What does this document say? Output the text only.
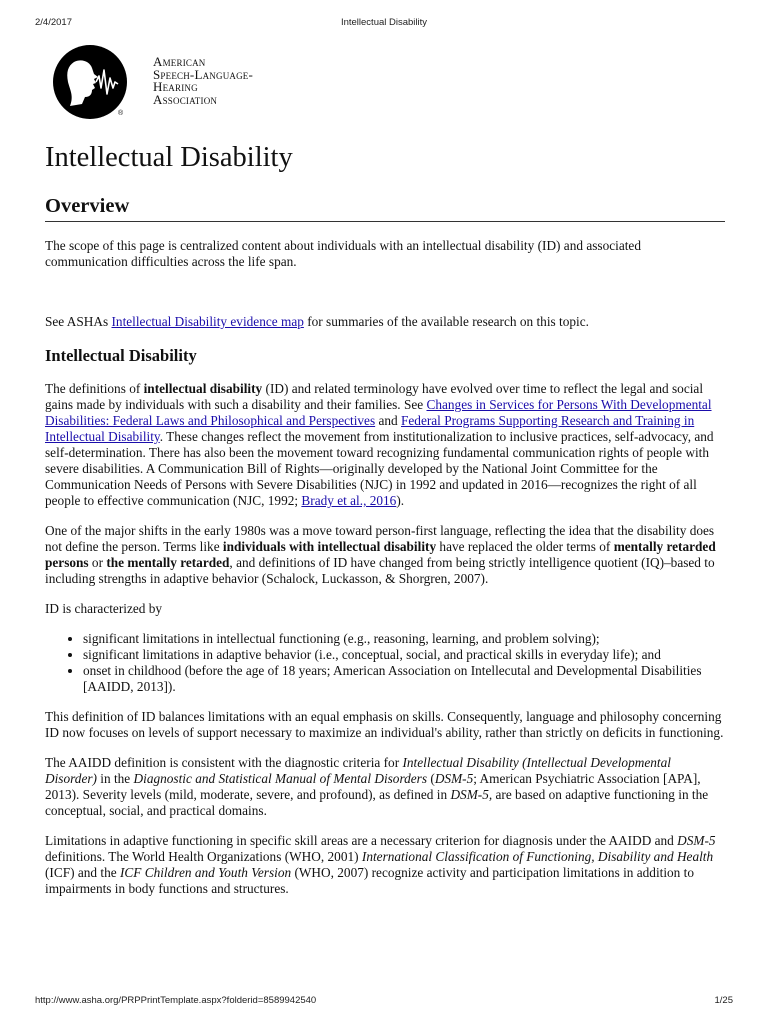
2/4/2017	Intellectual Disability
®
American
Speech-Language-
Hearing
Association
Intellectual Disability
Overview

The scope of this page is centralized content about individuals with an intellectual disability (ID) and associated communication difficulties across the life span.

See ASHAs Intellectual Disability evidence map for summaries of the available research on this topic.

Intellectual Disability

The definitions of intellectual disability (ID) and related terminology have evolved over time to reflect the legal and social gains made by individuals with such a disability and their families. See Changes in Services for Persons With Developmental Disabilities: Federal Laws and Philosophical and Perspectives and Federal Programs Supporting Research and Training in Intellectual Disability. These changes reflect the movement from institutionalization to inclusive practices, self-advocacy, and self-determination. There has also been the movement toward recognizing fundamental communication rights of people with severe disabilities. A Communication Bill of Rights—originally developed by the National Joint Committee for the Communication Needs of Persons with Severe Disabilities (NJC) in 1992 and updated in 2016—recognizes the right of all people to effective communication (NJC, 1992; Brady et al., 2016).

One of the major shifts in the early 1980s was a move toward person-first language, reflecting the idea that the disability does not define the person. Terms like individuals with intellectual disability have replaced the older terms of mentally retarded persons or the mentally retarded, and definitions of ID have changed from being strictly intelligence quotient (IQ)–based to including strengths in adaptive behavior (Schalock, Luckasson, & Shorgren, 2007).

ID is characterized by

• significant limitations in intellectual functioning (e.g., reasoning, learning, and problem solving);
• significant limitations in adaptive behavior (i.e., conceptual, social, and practical skills in everyday life); and
• onset in childhood (before the age of 18 years; American Association on Intellecutal and Developmental Disabilities [AAIDD, 2013]).

This definition of ID balances limitations with an equal emphasis on skills. Consequently, language and philosophy concerning ID now focuses on levels of support necessary to maximize an individual's ability, rather than strictly on deficits in functioning.

The AAIDD definition is consistent with the diagnostic criteria for Intellectual Disability (Intellectual Developmental Disorder) in the Diagnostic and Statistical Manual of Mental Disorders (DSM-5; American Psychiatric Association [APA], 2013). Severity levels (mild, moderate, severe, and profound), as defined in DSM-5, are based on adaptive functioning in the conceptual, social, and practical domains.

Limitations in adaptive functioning in specific skill areas are a necessary criterion for diagnosis under the AAIDD and DSM-5 definitions. The World Health Organizations (WHO, 2001) International Classification of Functioning, Disability and Health (ICF) and the ICF Children and Youth Version (WHO, 2007) recognize activity and participation limitations in addition to impairments in body functions and structures.

http://www.asha.org/PRPPrintTemplate.aspx?folderid=8589942540	1/25
